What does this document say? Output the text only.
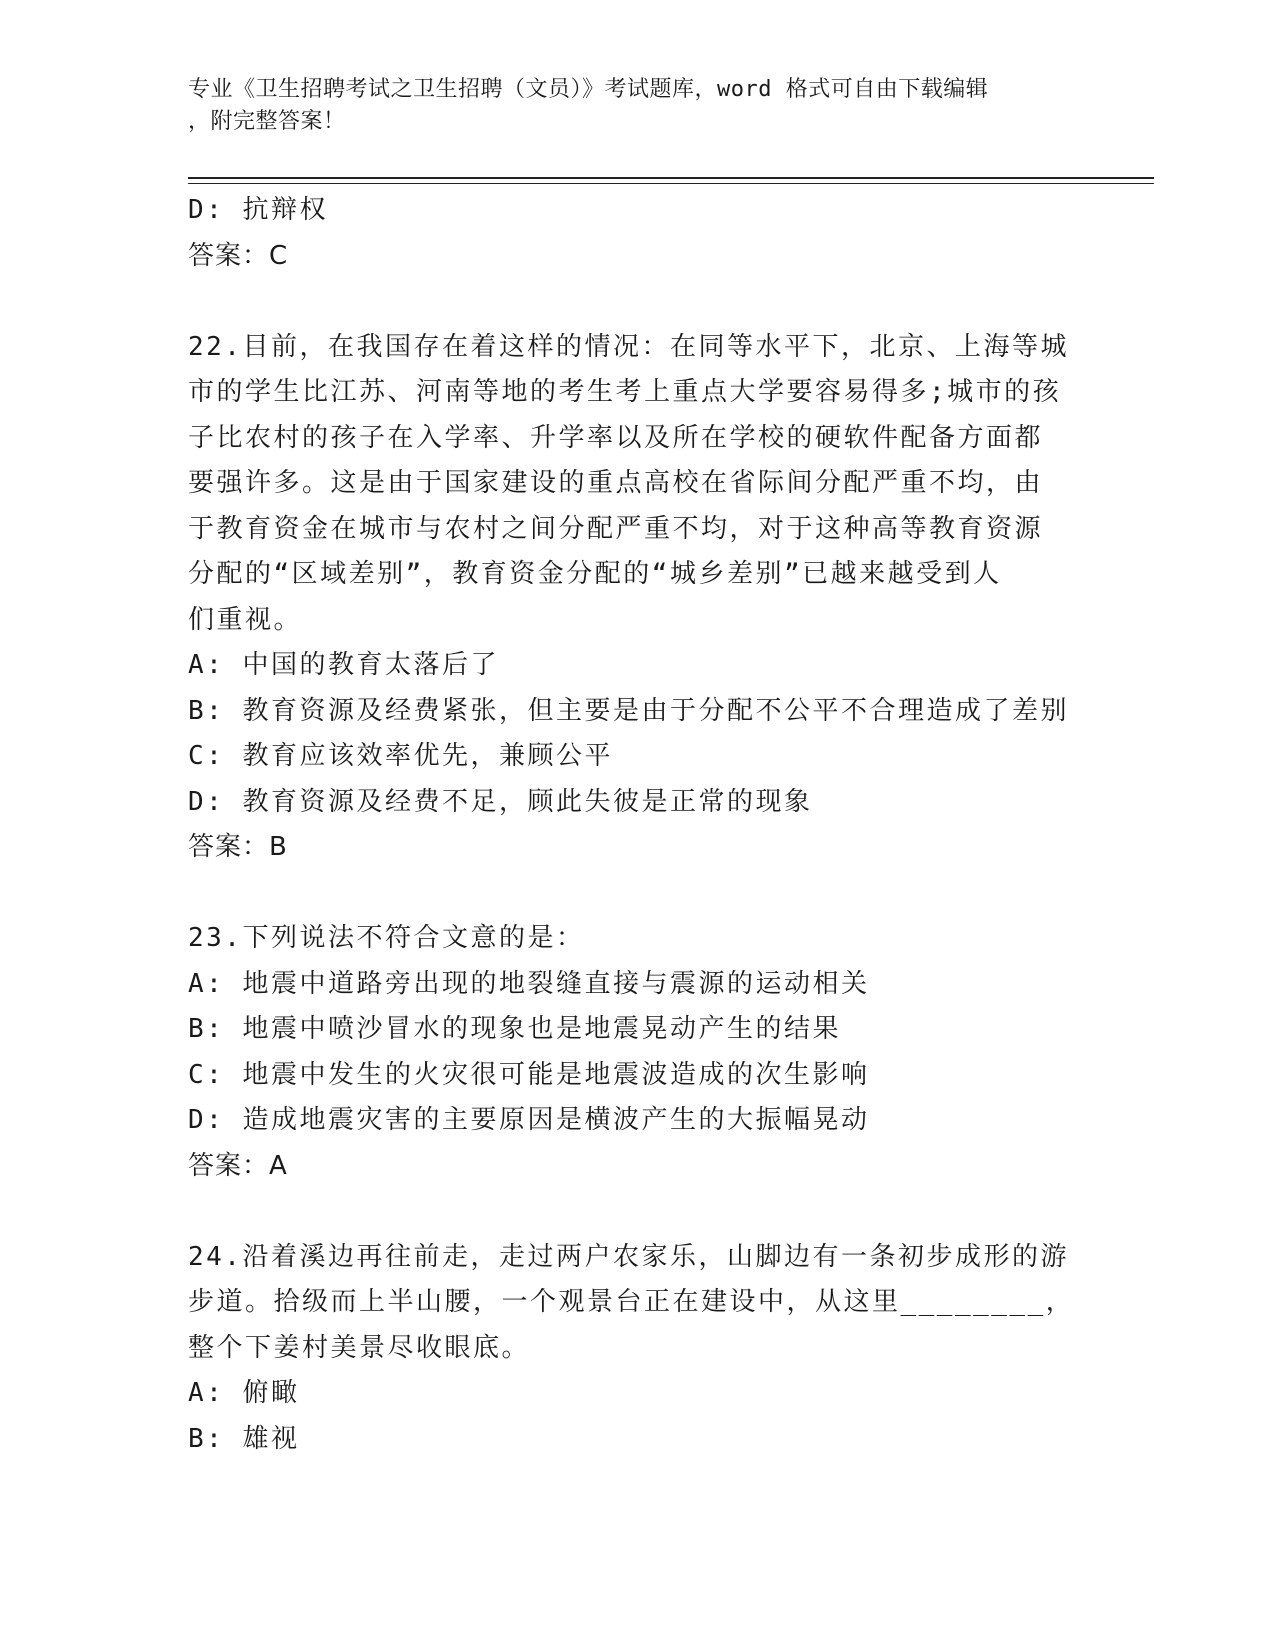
专业《卫生招聘考试之卫生招聘（文员）》考试题库，word 格式可自由下载编辑
，附完整答案！
D: 抗辩权
答案：C
22.目前，在我国存在着这样的情况：在同等水平下，北京、上海等城
市的学生比江苏、河南等地的考生考上重点大学要容易得多;城市的孩
子比农村的孩子在入学率、升学率以及所在学校的硬软件配备方面都
要强许多。这是由于国家建设的重点高校在省际间分配严重不均，由
于教育资金在城市与农村之间分配严重不均，对于这种高等教育资源
分配的“区域差别”，教育资金分配的“城乡差别”已越来越受到人
们重视。
A: 中国的教育太落后了
B: 教育资源及经费紧张，但主要是由于分配不公平不合理造成了差别
C: 教育应该效率优先，兼顾公平
D: 教育资源及经费不足，顾此失彼是正常的现象
答案：B
23.下列说法不符合文意的是：
A: 地震中道路旁出现的地裂缝直接与震源的运动相关
B: 地震中喷沙冒水的现象也是地震晃动产生的结果
C: 地震中发生的火灾很可能是地震波造成的次生影响
D: 造成地震灾害的主要原因是横波产生的大振幅晃动
答案：A
24.沿着溪边再往前走，走过两户农家乐，山脚边有一条初步成形的游
步道。拾级而上半山腰，一个观景台正在建设中，从这里________，
整个下姜村美景尽收眼底。
A: 俯瞰
B: 雄视
